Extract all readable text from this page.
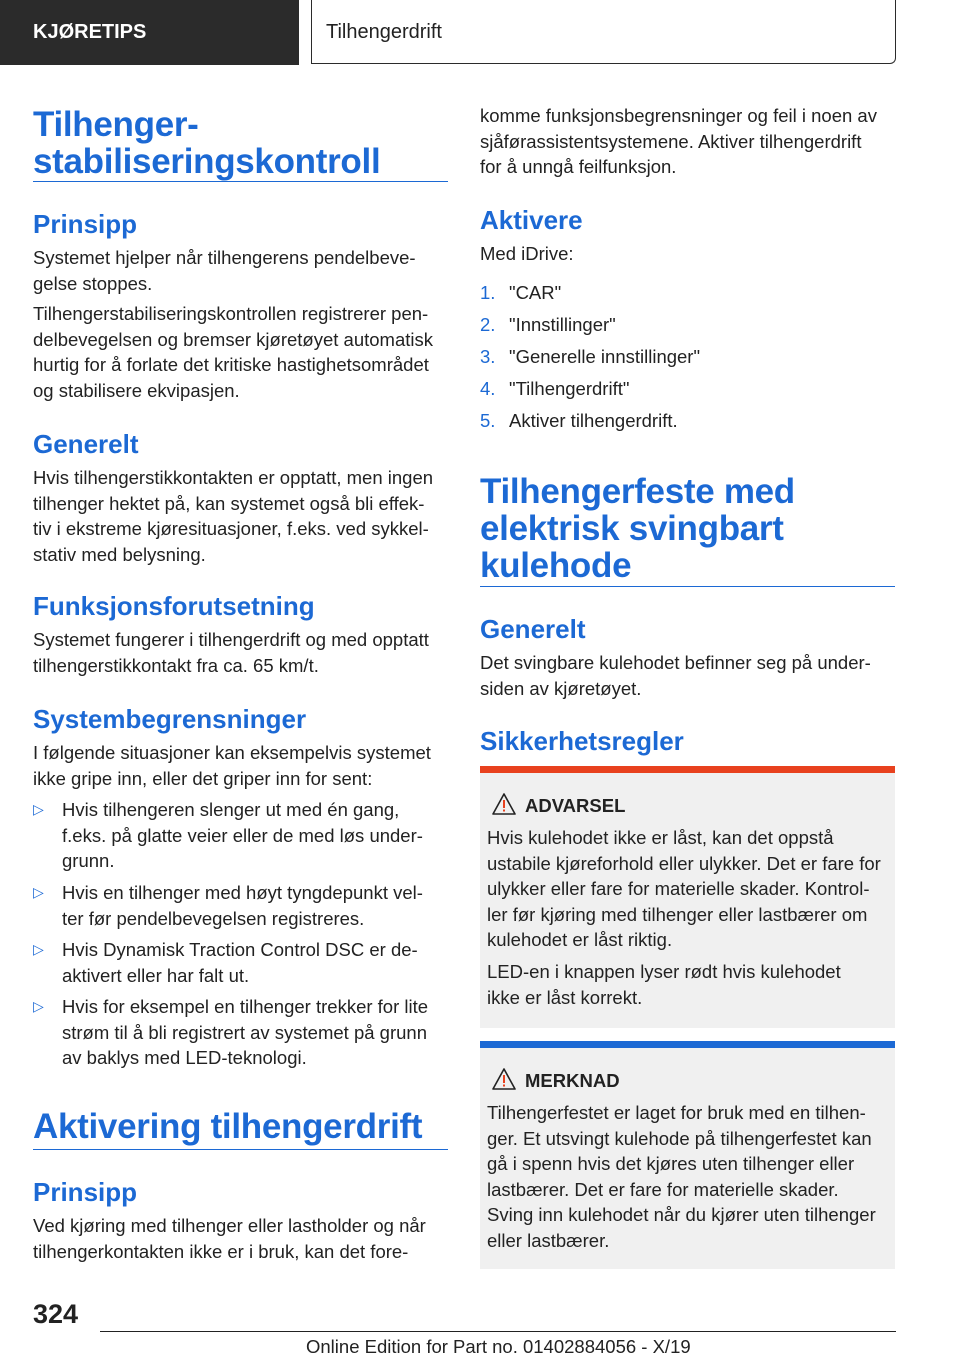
KJØRETIPS	Tilhengerdrift
Tilhenger-
stabiliseringskontroll
Prinsipp
Systemet hjelper når tilhengerens pendelbeve-
gelse stoppes.
Tilhengerstabiliseringskontrollen registrerer pen-
delbevegelsen og bremser kjøretøyet automatisk
hurtig for å forlate det kritiske hastighetsområdet
og stabilisere ekvipasjen.
Generelt
Hvis tilhengerstikkontakten er opptatt, men ingen
tilhenger hektet på, kan systemet også bli effek-
tiv i ekstreme kjøresituasjoner, f.eks. ved sykkel-
stativ med belysning.
Funksjonsforutsetning
Systemet fungerer i tilhengerdrift og med opptatt
tilhengerstikkontakt fra ca. 65 km/t.
Systembegrensninger
I følgende situasjoner kan eksempelvis systemet
ikke gripe inn, eller det griper inn for sent:
▷ Hvis tilhengeren slenger ut med én gang,
f.eks. på glatte veier eller de med løs under-
grunn.
▷ Hvis en tilhenger med høyt tyngdepunkt vel-
ter før pendelbevegelsen registreres.
▷ Hvis Dynamisk Traction Control DSC er de-
aktivert eller har falt ut.
▷ Hvis for eksempel en tilhenger trekker for lite
strøm til å bli registrert av systemet på grunn
av baklys med LED-teknologi.
Aktivering tilhengerdrift
Prinsipp
Ved kjøring med tilhenger eller lastholder og når
tilhengerkontakten ikke er i bruk, kan det fore-
komme funksjonsbegrensninger og feil i noen av
sjåførassistentsystemene. Aktiver tilhengerdrift
for å unngå feilfunksjon.
Aktivere
Med iDrive:
1. "CAR"
2. "Innstillinger"
3. "Generelle innstillinger"
4. "Tilhengerdrift"
5. Aktiver tilhengerdrift.
Tilhengerfeste med
elektrisk svingbart
kulehode
Generelt
Det svingbare kulehodet befinner seg på under-
siden av kjøretøyet.
Sikkerhetsregler
ADVARSEL
Hvis kulehodet ikke er låst, kan det oppstå
ustabile kjøreforhold eller ulykker. Det er fare for
ulykker eller fare for materielle skader. Kontrol-
ler før kjøring med tilhenger eller lastbærer om
kulehodet er låst riktig.
LED-en i knappen lyser rødt hvis kulehodet
ikke er låst korrekt.
MERKNAD
Tilhengerfestet er laget for bruk med en tilhen-
ger. Et utsvingt kulehode på tilhengerfestet kan
gå i spenn hvis det kjøres uten tilhenger eller
lastbærer. Det er fare for materielle skader.
Sving inn kulehodet når du kjører uten tilhenger
eller lastbærer.
324
Online Edition for Part no. 01402884056 - X/19
